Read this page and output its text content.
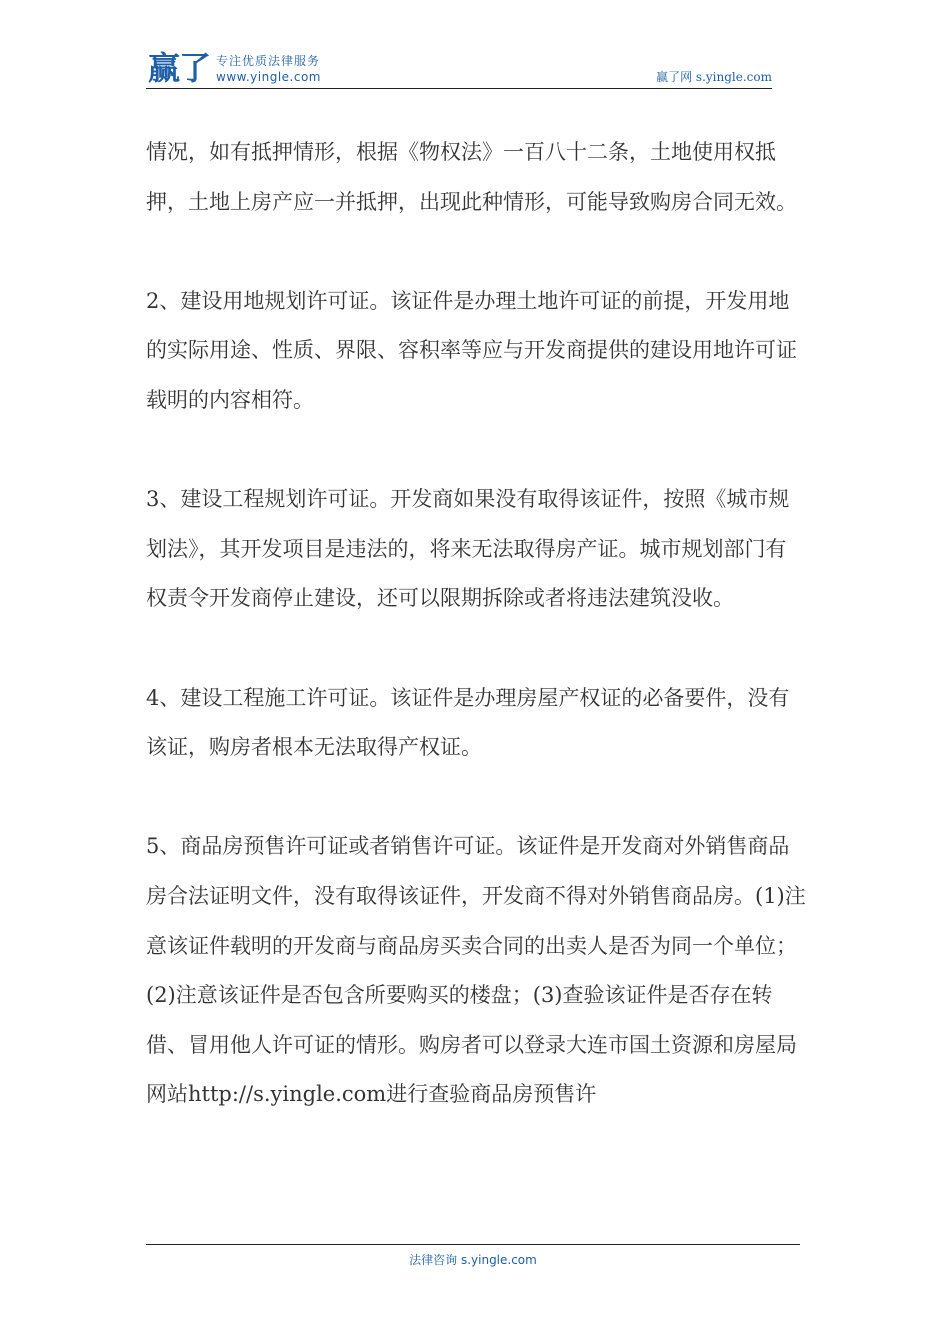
赢了 专注优质法律服务
www.yingle.com	赢了网 s.yingle.com

情况，如有抵押情形，根据《物权法》一百八十二条，土地使用权抵押，土地上房产应一并抵押，出现此种情形，可能导致购房合同无效。

2、建设用地规划许可证。该证件是办理土地许可证的前提，开发用地的实际用途、性质、界限、容积率等应与开发商提供的建设用地许可证载明的内容相符。

3、建设工程规划许可证。开发商如果没有取得该证件，按照《城市规划法》，其开发项目是违法的，将来无法取得房产证。城市规划部门有权责令开发商停止建设，还可以限期拆除或者将违法建筑没收。

4、建设工程施工许可证。该证件是办理房屋产权证的必备要件，没有该证，购房者根本无法取得产权证。

5、商品房预售许可证或者销售许可证。该证件是开发商对外销售商品房合法证明文件，没有取得该证件，开发商不得对外销售商品房。(1)注意该证件载明的开发商与商品房买卖合同的出卖人是否为同一个单位；(2)注意该证件是否包含所要购买的楼盘；(3)查验该证件是否存在转借、冒用他人许可证的情形。购房者可以登录大连市国土资源和房屋局网站http://s.yingle.com进行查验商品房预售许

法律咨询 s.yingle.com
